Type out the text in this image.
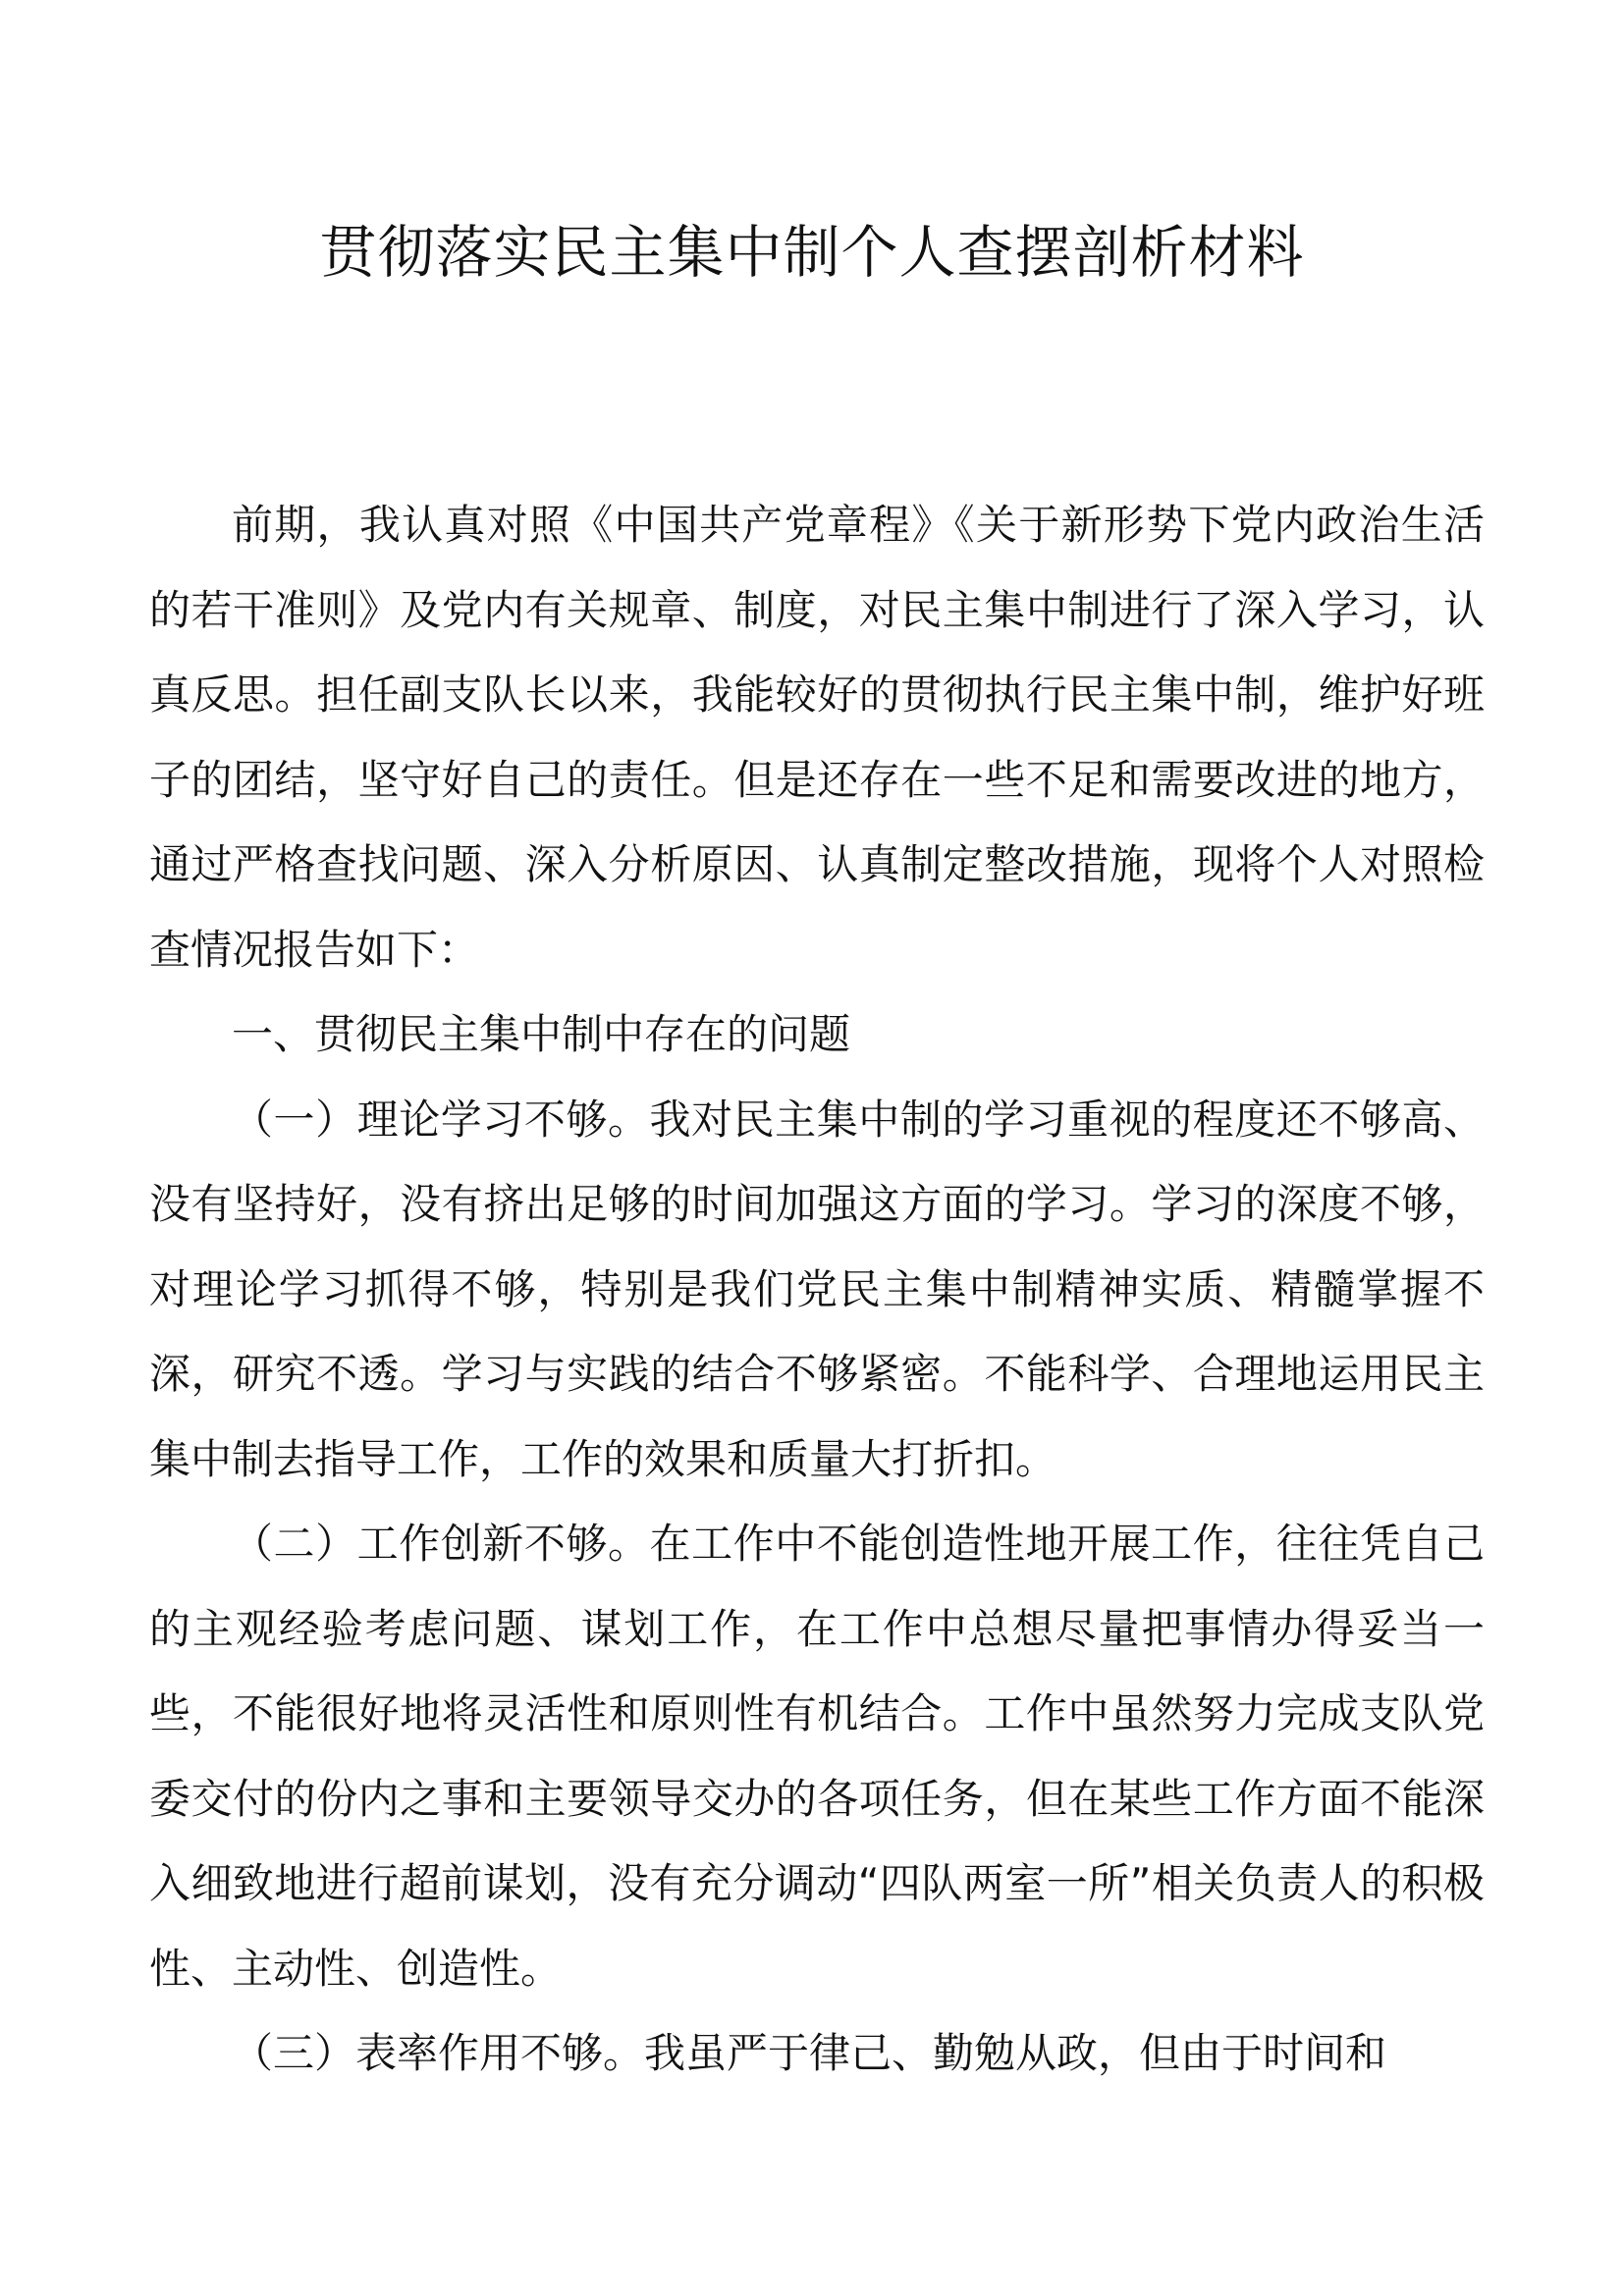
贯彻落实民主集中制个人查摆剖析材料

前期，我认真对照《中国共产党章程》《关于新形势下党内政治生活的若干准则》及党内有关规章、制度，对民主集中制进行了深入学习，认真反思。担任副支队长以来，我能较好的贯彻执行民主集中制，维护好班子的团结，坚守好自己的责任。但是还存在一些不足和需要改进的地方，通过严格查找问题、深入分析原因、认真制定整改措施，现将个人对照检查情况报告如下：

一、贯彻民主集中制中存在的问题

（一）理论学习不够。我对民主集中制的学习重视的程度还不够高、没有坚持好，没有挤出足够的时间加强这方面的学习。学习的深度不够，对理论学习抓得不够，特别是我们党民主集中制精神实质、精髓掌握不深，研究不透。学习与实践的结合不够紧密。不能科学、合理地运用民主集中制去指导工作，工作的效果和质量大打折扣。

（二）工作创新不够。在工作中不能创造性地开展工作，往往凭自己的主观经验考虑问题、谋划工作，在工作中总想尽量把事情办得妥当一些，不能很好地将灵活性和原则性有机结合。工作中虽然努力完成支队党委交付的份内之事和主要领导交办的各项任务，但在某些工作方面不能深入细致地进行超前谋划，没有充分调动“四队两室一所”相关负责人的积极性、主动性、创造性。

（三）表率作用不够。我虽严于律己、勤勉从政，但由于时间和
